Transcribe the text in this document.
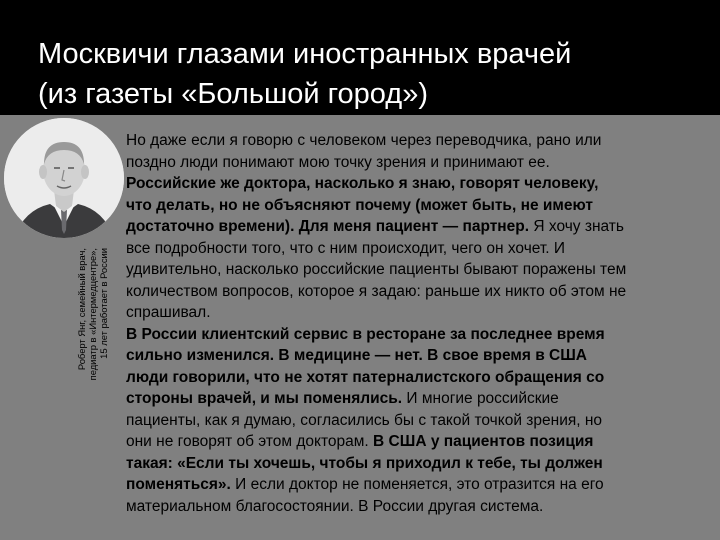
Москвичи глазами иностранных врачей
(из газеты «Большой город»)
Роберт Янг, семейный врач, педиатр в «Интермедцентре», 15 лет работает в России

Но даже если я говорю с человеком через переводчика, рано или
поздно люди понимают мою точку зрения и принимают ее.
Российские же доктора, насколько я знаю, говорят человеку,
что делать, но не объясняют почему (может быть, не имеют
достаточно времени). Для меня пациент — партнер. Я хочу знать
все подробности того, что с ним происходит, чего он хочет. И
удивительно, насколько российские пациенты бывают поражены тем
количеством вопросов, которое я задаю: раньше их никто об этом не
спрашивал.

В России клиентский сервис в ресторане за последнее время
сильно изменился. В медицине — нет. В свое время в США
люди говорили, что не хотят патерналистского обращения со
стороны врачей, и мы поменялись. И многие российские
пациенты, как я думаю, согласились бы с такой точкой зрения, но
они не говорят об этом докторам. В США у пациентов позиция
такая: «Если ты хочешь, чтобы я приходил к тебе, ты должен
поменяться». И если доктор не поменяется, это отразится на его
материальном благосостоянии. В России другая система.
